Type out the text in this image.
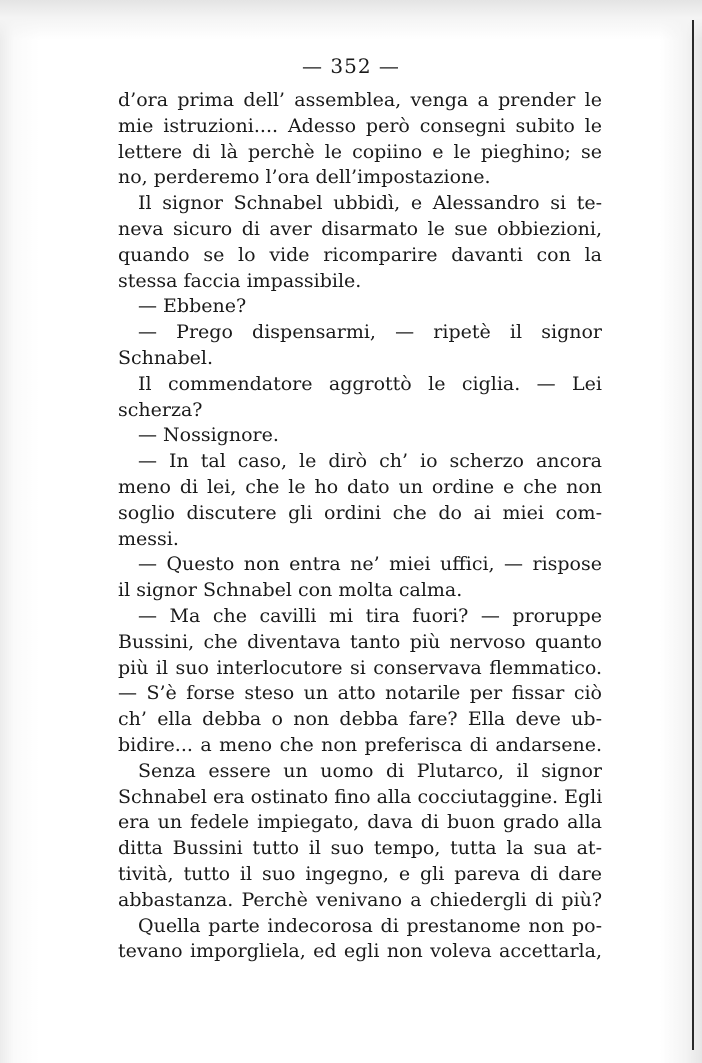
— 352 —
d’ora prima dell’ assemblea, venga a prender le
mie istruzioni.... Adesso però consegni subito le
lettere di là perchè le copiino e le pieghino; se
no, perderemo l’ora dell’impostazione.
Il signor Schnabel ubbidì, e Alessandro si te-
neva sicuro di aver disarmato le sue obbiezioni,
quando se lo vide ricomparire davanti con la
stessa faccia impassibile.
— Ebbene?
— Prego dispensarmi, — ripetè il signor
Schnabel.
Il commendatore aggrottò le ciglia. — Lei
scherza?
— Nossignore.
— In tal caso, le dirò ch’ io scherzo ancora
meno di lei, che le ho dato un ordine e che non
soglio discutere gli ordini che do ai miei com-
messi.
— Questo non entra ne’ miei uffici, — rispose
il signor Schnabel con molta calma.
— Ma che cavilli mi tira fuori? — proruppe
Bussini, che diventava tanto più nervoso quanto
più il suo interlocutore si conservava flemmatico.
— S’è forse steso un atto notarile per fissar ciò
ch’ ella debba o non debba fare? Ella deve ub-
bidire... a meno che non preferisca di andarsene.
Senza essere un uomo di Plutarco, il signor
Schnabel era ostinato fino alla cocciutaggine. Egli
era un fedele impiegato, dava di buon grado alla
ditta Bussini tutto il suo tempo, tutta la sua at-
tività, tutto il suo ingegno, e gli pareva di dare
abbastanza. Perchè venivano a chiedergli di più?
Quella parte indecorosa di prestanome non po-
tevano imporgliela, ed egli non voleva accettarla,
